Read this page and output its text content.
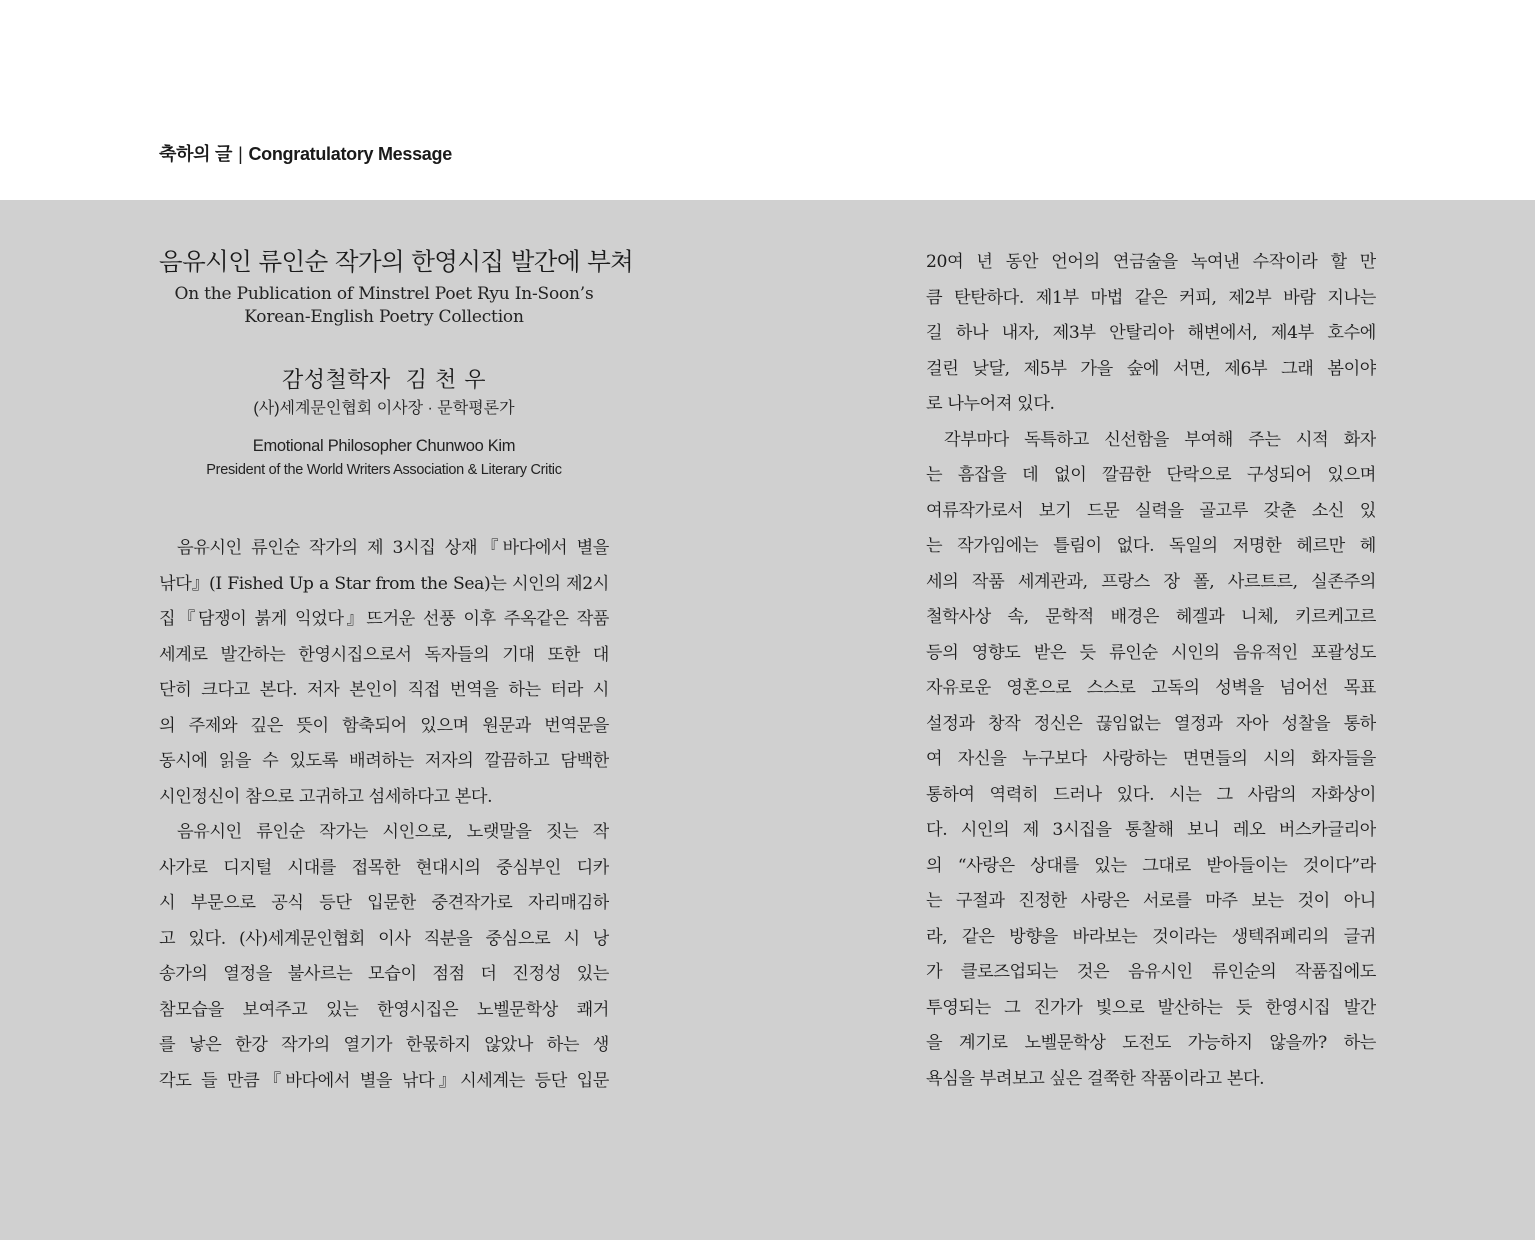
축하의 글 | Congratulatory Message
음유시인 류인순 작가의 한영시집 발간에 부쳐
On the Publication of Minstrel Poet Ryu In-Soon’s
Korean-English Poetry Collection
감성철학자  김 천 우
(사)세계문인협회 이사장 · 문학평론가
Emotional Philosopher Chunwoo Kim
President of the World Writers Association & Literary Critic

음유시인 류인순 작가의 제 3시집 상재『바다에서 별을
낚다』(I Fished Up a Star from the Sea)는 시인의 제2시
집『담쟁이 붉게 익었다』뜨거운 선풍 이후 주옥같은 작품
세계로 발간하는 한영시집으로서 독자들의 기대 또한 대
단히 크다고 본다. 저자 본인이 직접 번역을 하는 터라 시
의 주제와 깊은 뜻이 함축되어 있으며 원문과 번역문을
동시에 읽을 수 있도록 배려하는 저자의 깔끔하고 담백한
시인정신이 참으로 고귀하고 섬세하다고 본다.

음유시인 류인순 작가는 시인으로, 노랫말을 짓는 작
사가로 디지털 시대를 접목한 현대시의 중심부인 디카
시 부문으로 공식 등단 입문한 중견작가로 자리매김하
고 있다. (사)세계문인협회 이사 직분을 중심으로 시 낭
송가의 열정을 불사르는 모습이 점점 더 진정성 있는
참모습을 보여주고 있는 한영시집은 노벨문학상 쾌거
를 낳은 한강 작가의 열기가 한몫하지 않았나 하는 생
각도 들 만큼『바다에서 별을 낚다』시세계는 등단 입문

20여 년 동안 언어의 연금술을 녹여낸 수작이라 할 만
큼 탄탄하다. 제1부 마법 같은 커피, 제2부 바람 지나는
길 하나 내자, 제3부 안탈리아 해변에서, 제4부 호수에
걸린 낮달, 제5부 가을 숲에 서면, 제6부 그래 봄이야
로 나누어져 있다.

각부마다 독특하고 신선함을 부여해 주는 시적 화자
는 흠잡을 데 없이 깔끔한 단락으로 구성되어 있으며
여류작가로서 보기 드문 실력을 골고루 갖춘 소신 있
는 작가임에는 틀림이 없다. 독일의 저명한 헤르만 헤
세의 작품 세계관과, 프랑스 장 폴, 사르트르, 실존주의
철학사상 속, 문학적 배경은 헤겔과 니체, 키르케고르
등의 영향도 받은 듯 류인순 시인의 음유적인 포괄성도
자유로운 영혼으로 스스로 고독의 성벽을 넘어선 목표
설정과 창작 정신은 끊임없는 열정과 자아 성찰을 통하
여 자신을 누구보다 사랑하는 면면들의 시의 화자들을
통하여 역력히 드러나 있다. 시는 그 사람의 자화상이
다. 시인의 제 3시집을 통찰해 보니 레오 버스카글리아
의 “사랑은 상대를 있는 그대로 받아들이는 것이다”라
는 구절과 진정한 사랑은 서로를 마주 보는 것이 아니
라, 같은 방향을 바라보는 것이라는 생텍쥐페리의 글귀
가 클로즈업되는 것은 음유시인 류인순의 작품집에도
투영되는 그 진가가 빛으로 발산하는 듯 한영시집 발간
을 계기로 노벨문학상 도전도 가능하지 않을까? 하는
욕심을 부려보고 싶은 걸쭉한 작품이라고 본다.
